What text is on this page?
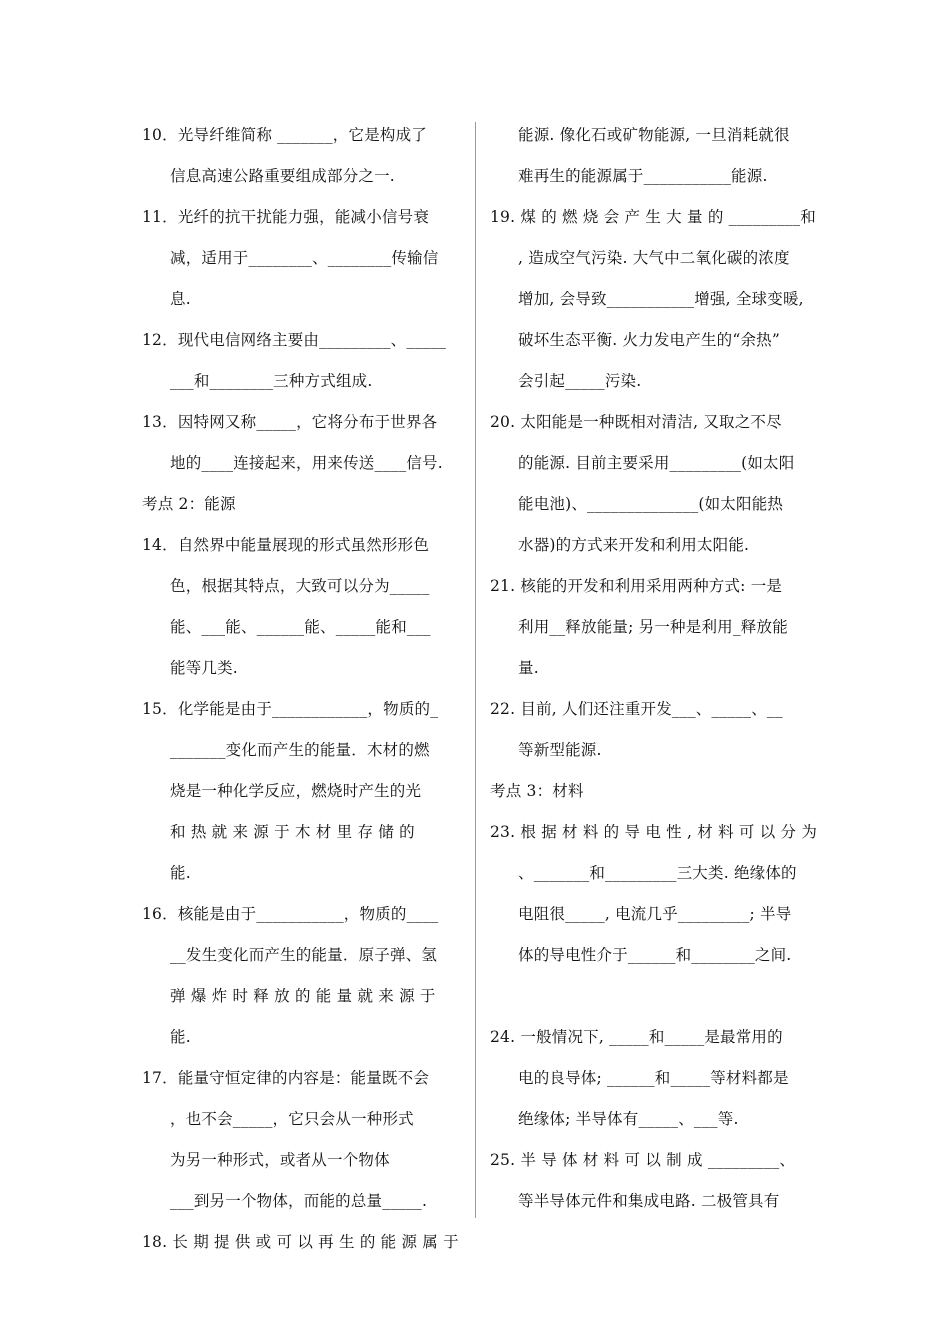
10．光导纤维简称 _______，它是构成了
信息高速公路重要组成部分之一.
11．光纤的抗干扰能力强，能减小信号衰
减，适用于________、________传输信
息.
12．现代电信网络主要由_________、_____
___和________三种方式组成.
13．因特网又称_____，它将分布于世界各
地的____连接起来，用来传送____信号.
考点 2：能源
14．自然界中能量展现的形式虽然形形色
色，根据其特点，大致可以分为_____
能、___能、______能、_____能和___
能等几类.
15．化学能是由于____________，物质的_
_______变化而产生的能量．木材的燃
烧是一种化学反应，燃烧时产生的光
和 热 就 来 源 于 木 材 里 存 储 的
能.
16．核能是由于___________，物质的____
__发生变化而产生的能量．原子弹、氢
弹 爆 炸 时 释 放 的 能 量 就 来 源 于
能.
17．能量守恒定律的内容是：能量既不会
，也不会_____，它只会从一种形式
为另一种形式，或者从一个物体
___到另一个物体，而能的总量_____.
18. 长 期 提 供 或 可 以 再 生 的 能 源 属 于
能源. 像化石或矿物能源, 一旦消耗就很
难再生的能源属于___________能源.
19. 煤 的 燃 烧 会 产 生 大 量 的 _________和
, 造成空气污染. 大气中二氧化碳的浓度
增加, 会导致___________增强, 全球变暖,
破坏生态平衡. 火力发电产生的“余热”
会引起_____污染.
20. 太阳能是一种既相对清洁, 又取之不尽
的能源. 目前主要采用_________(如太阳
能电池)、______________(如太阳能热
水器)的方式来开发和利用太阳能.
21. 核能的开发和利用采用两种方式: 一是
利用__释放能量; 另一种是利用_释放能
量.
22. 目前, 人们还注重开发___、_____、__
等新型能源.
考点 3：材料
23. 根 据 材 料 的 导 电 性 , 材 料 可 以 分 为
、_______和_________三大类. 绝缘体的
电阻很_____, 电流几乎_________; 半导
体的导电性介于______和________之间.
24. 一般情况下, _____和_____是最常用的
电的良导体; ______和_____等材料都是
绝缘体; 半导体有_____、___等.
25. 半 导 体 材 料 可 以 制 成 _________、
等半导体元件和集成电路. 二极管具有
